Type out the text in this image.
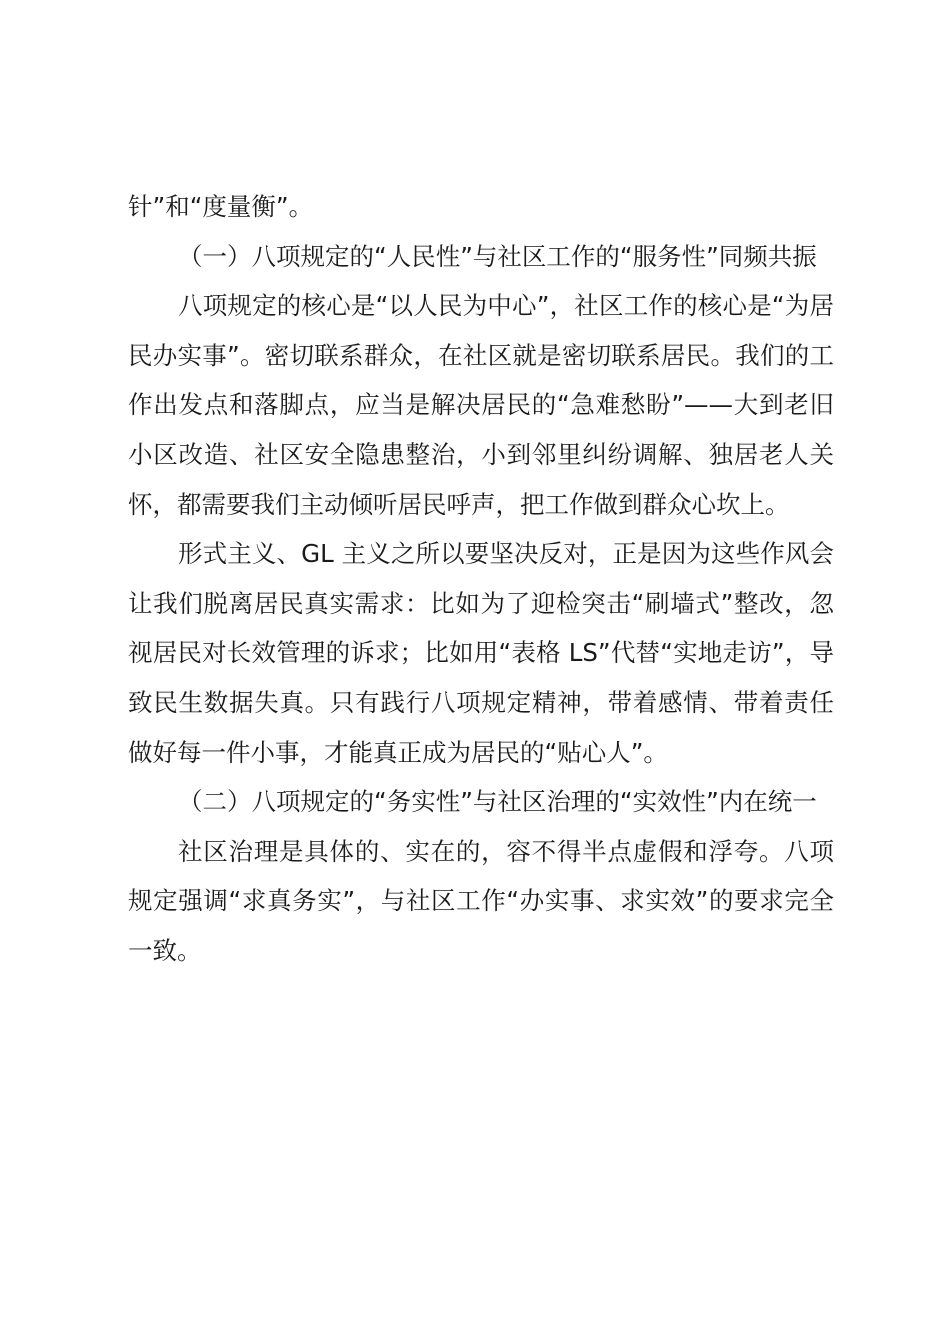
针”和“度量衡”。

（一）八项规定的“人民性”与社区工作的“服务性”同频共振

八项规定的核心是“以人民为中心”，社区工作的核心是“为居民办实事”。密切联系群众，在社区就是密切联系居民。我们的工作出发点和落脚点，应当是解决居民的“急难愁盼”——大到老旧小区改造、社区安全隐患整治，小到邻里纠纷调解、独居老人关怀，都需要我们主动倾听居民呼声，把工作做到群众心坎上。

形式主义、GL 主义之所以要坚决反对，正是因为这些作风会让我们脱离居民真实需求：比如为了迎检突击“刷墙式”整改，忽视居民对长效管理的诉求；比如用“表格 LS”代替“实地走访”，导致民生数据失真。只有践行八项规定精神，带着感情、带着责任做好每一件小事，才能真正成为居民的“贴心人”。

（二）八项规定的“务实性”与社区治理的“实效性”内在统一

社区治理是具体的、实在的，容不得半点虚假和浮夸。八项规定强调“求真务实”，与社区工作“办实事、求实效”的要求完全一致。
